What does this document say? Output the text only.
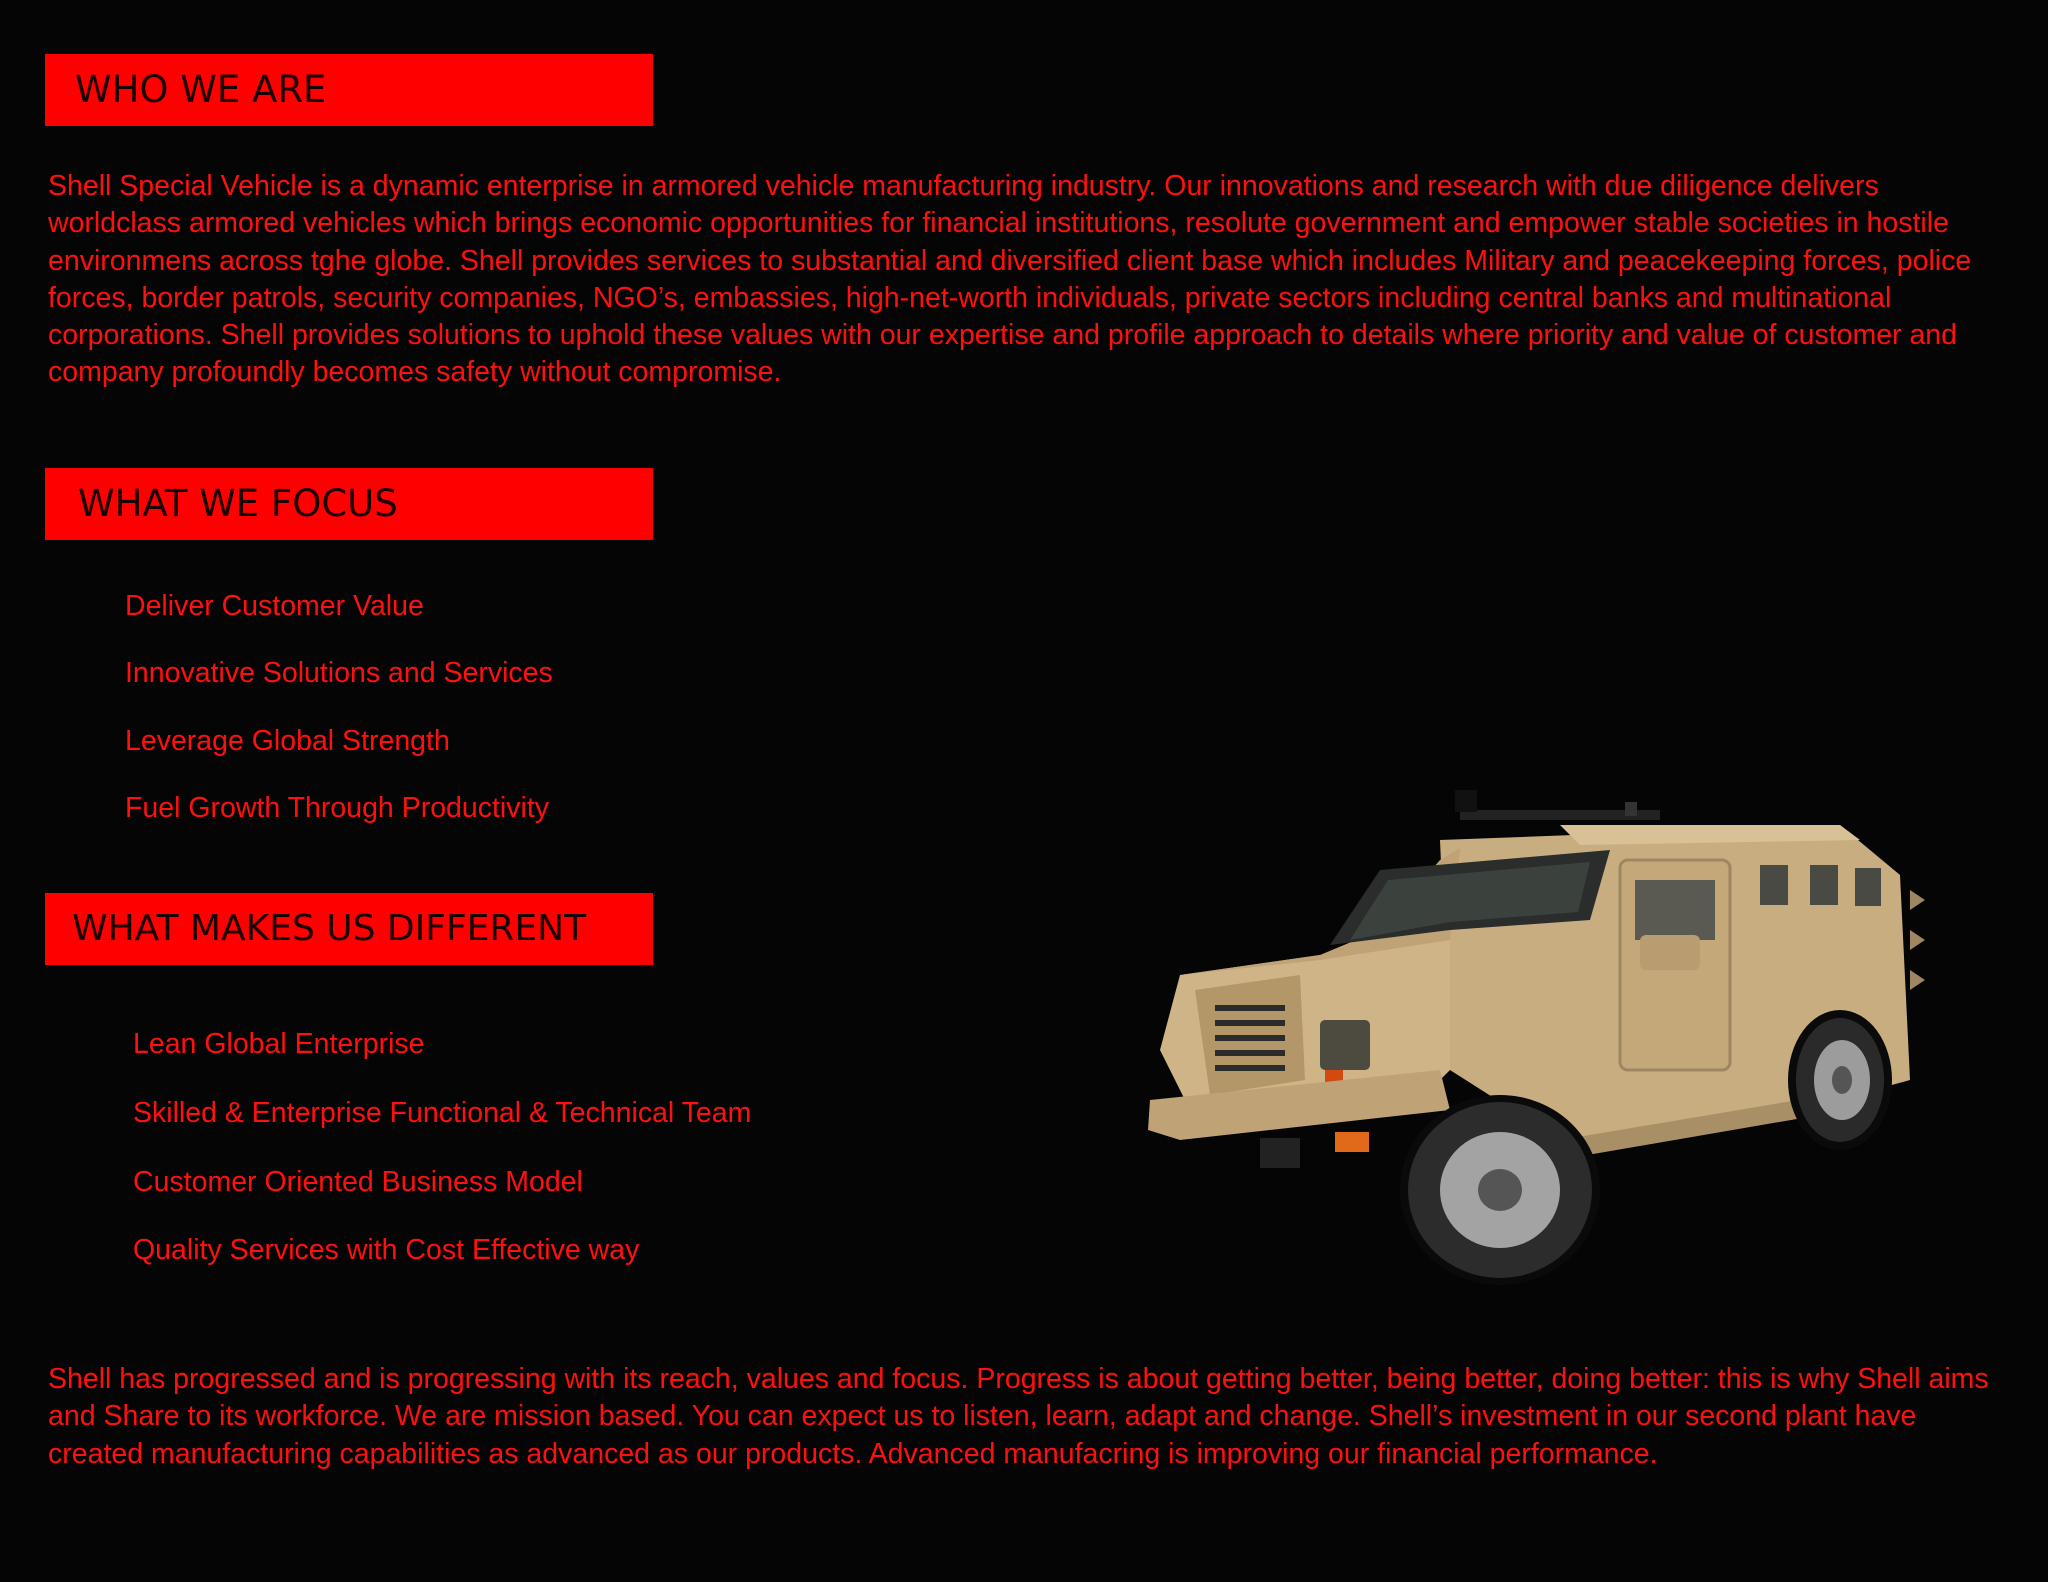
WHO WE ARE

Shell Special Vehicle is a dynamic enterprise in armored vehicle manufacturing industry. Our innovations and research with due diligence delivers worldclass armored vehicles which brings economic opportunities for financial institutions, resolute government and empower stable societies in hostile environmens across tghe globe. Shell provides services to substantial and diversified client base which includes Military and peacekeeping forces, police forces, border patrols, security companies, NGO’s, embassies, high-net-worth individuals, private sectors including central banks and multinational corporations. Shell provides solutions to uphold these values with our expertise and profile approach to details where priority and value of customer and company profoundly becomes safety without compromise.

WHAT WE FOCUS
Deliver Customer Value
Innovative Solutions and Services
Leverage Global Strength
Fuel Growth Through Productivity
WHAT MAKES US DIFFERENT
Lean Global Enterprise
Skilled & Enterprise Functional & Technical Team
Customer Oriented Business Model
Quality Services with Cost Effective way

Shell has progressed and is progressing with its reach, values and focus. Progress is about getting better, being better, doing better: this is why Shell aims and Share to its workforce. We are mission based. You can expect us to listen, learn, adapt and change. Shell’s investment in our second plant have created manufacturing capabilities as advanced as our products. Advanced manufacring is improving our financial performance.
